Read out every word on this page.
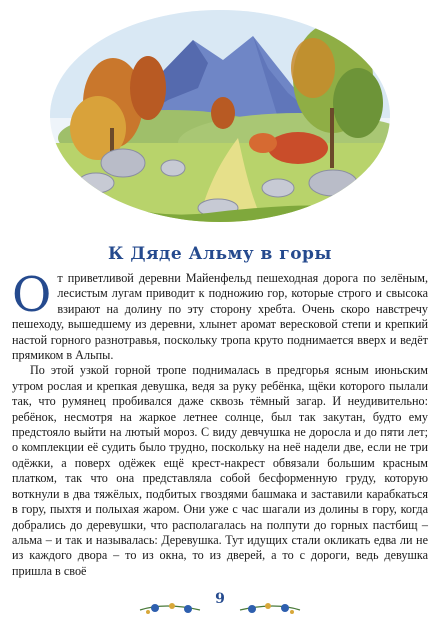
К Дяде Альму в горы

От приветливой деревни Майенфельд пешеходная дорога по зелёным, лесистым лугам приводит к подножию гор, которые строго и свысока взирают на долину по эту сторону хребта. Очень скоро навстречу пешеходу, вышедшему из деревни, хлынет аромат вересковой степи и крепкий настой горного разнотравья, поскольку тропа круто поднимается вверх и ведёт прямиком в Альпы.

По этой узкой горной тропе поднималась в предгорья ясным июньским утром рослая и крепкая девушка, ведя за руку ребёнка, щёки которого пылали так, что румянец пробивался даже сквозь тёмный загар. И неудивительно: ребёнок, несмотря на жаркое летнее солнце, был так закутан, будто ему предстояло выйти на лютый мороз. С виду девчушка не доросла и до пяти лет; о комплекции её судить было трудно, поскольку на неё надели две, если не три одёжки, а поверх одёжек ещё крест-накрест обвязали большим красным платком, так что она представляла собой бесформенную груду, которую воткнули в два тяжёлых, подбитых гвоздями башмака и заставили карабкаться в гору, пыхтя и полыхая жаром. Они уже с час шагали из долины в гору, когда добрались до деревушки, что располагалась на полпути до горных пастбищ – альма – и так и называлась: Деревушка. Тут идущих стали окликать едва ли не из каждого двора – то из окна, то из дверей, а то с дороги, ведь девушка пришла в своё

9
